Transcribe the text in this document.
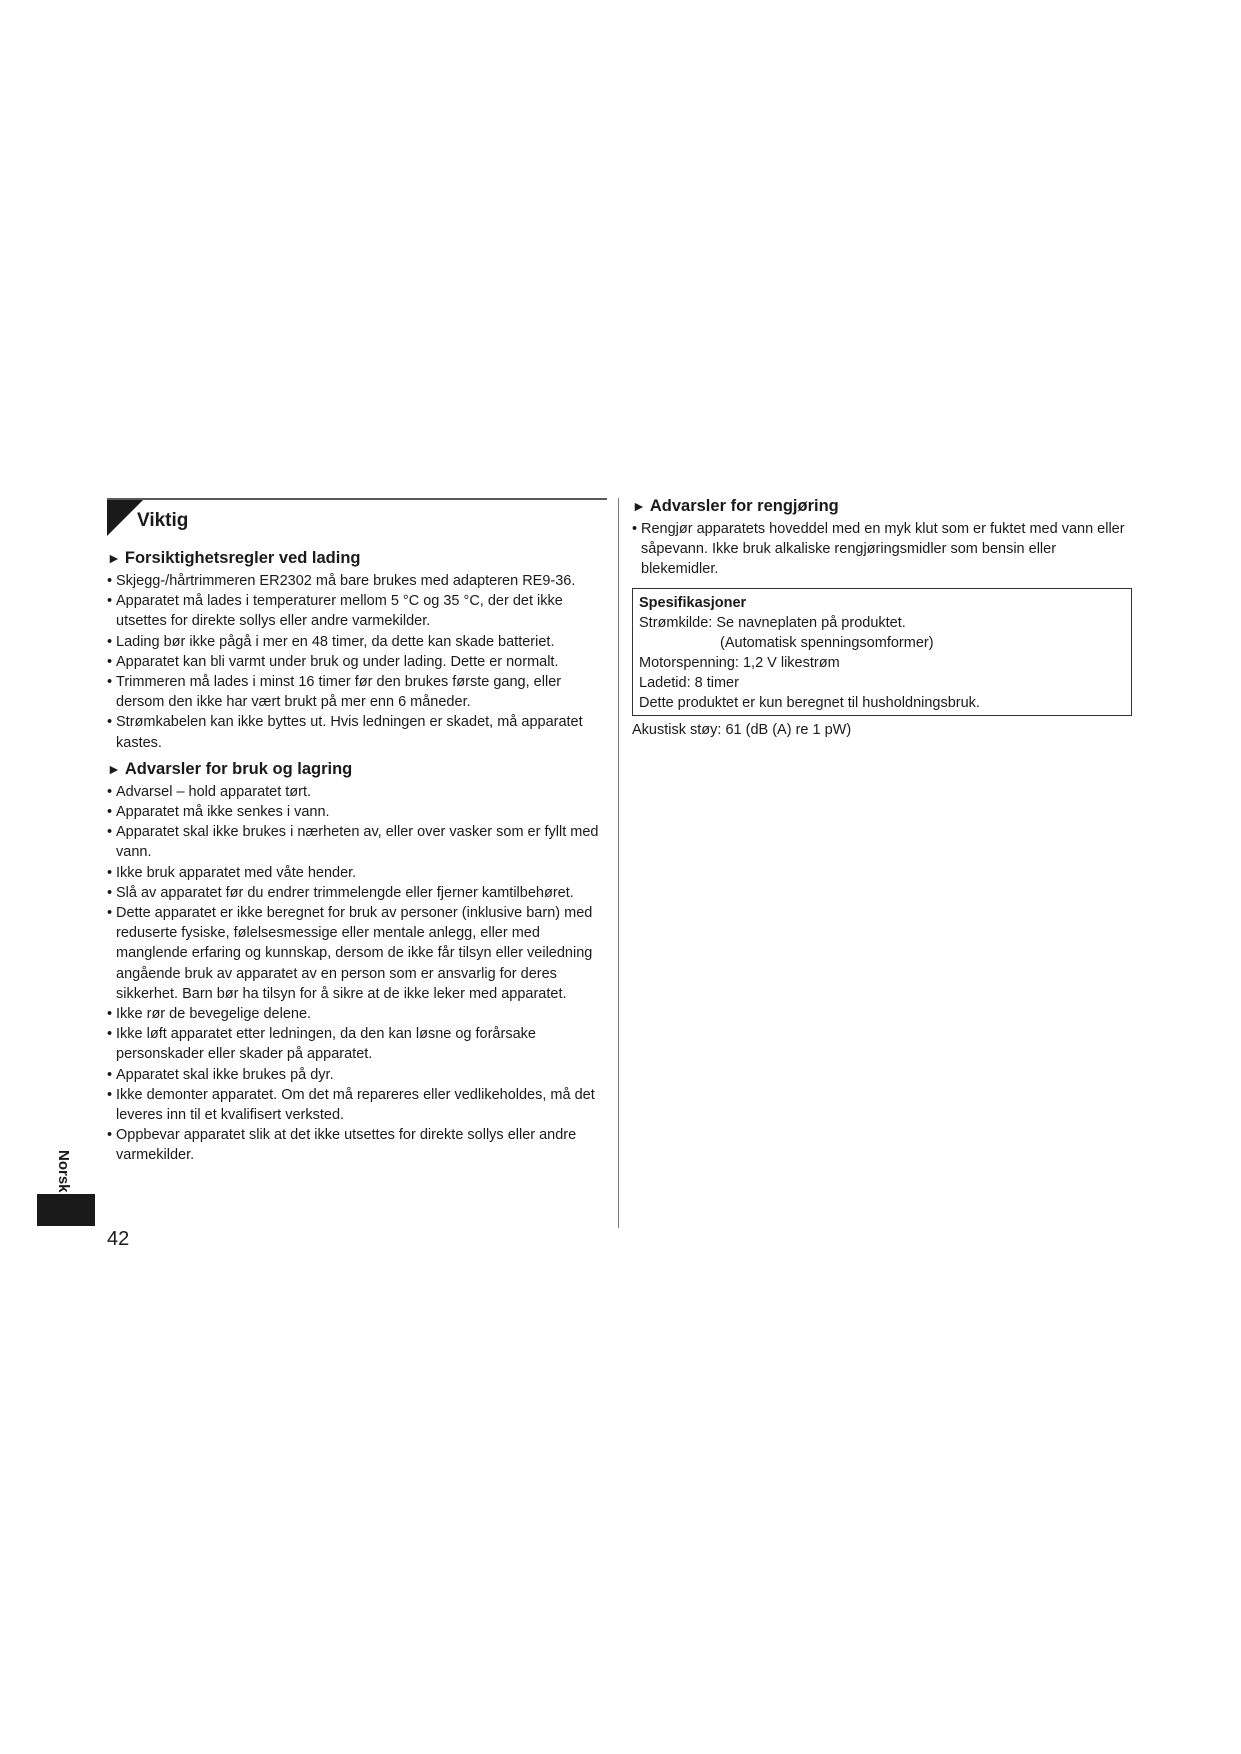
Viktig
► Forsiktighetsregler ved lading
• Skjegg-/hårtrimmeren ER2302 må bare brukes med adapteren RE9-36.
• Apparatet må lades i temperaturer mellom 5 °C og 35 °C, der det ikke utsettes for direkte sollys eller andre varmekilder.
• Lading bør ikke pågå i mer en 48 timer, da dette kan skade batteriet.
• Apparatet kan bli varmt under bruk og under lading. Dette er normalt.
• Trimmeren må lades i minst 16 timer før den brukes første gang, eller dersom den ikke har vært brukt på mer enn 6 måneder.
• Strømkabelen kan ikke byttes ut. Hvis ledningen er skadet, må apparatet kastes.
► Advarsler for bruk og lagring
• Advarsel – hold apparatet tørt.
• Apparatet må ikke senkes i vann.
• Apparatet skal ikke brukes i nærheten av, eller over vasker som er fyllt med vann.
• Ikke bruk apparatet med våte hender.
• Slå av apparatet før du endrer trimmelengde eller fjerner kamtilbehøret.
• Dette apparatet er ikke beregnet for bruk av personer (inklusive barn) med reduserte fysiske, følelsesmessige eller mentale anlegg, eller med manglende erfaring og kunnskap, dersom de ikke får tilsyn eller veiledning angående bruk av apparatet av en person som er ansvarlig for deres sikkerhet. Barn bør ha tilsyn for å sikre at de ikke leker med apparatet.
• Ikke rør de bevegelige delene.
• Ikke løft apparatet etter ledningen, da den kan løsne og forårsake personskader eller skader på apparatet.
• Apparatet skal ikke brukes på dyr.
• Ikke demonter apparatet. Om det må repareres eller vedlikeholdes, må det leveres inn til et kvalifisert verksted.
• Oppbevar apparatet slik at det ikke utsettes for direkte sollys eller andre varmekilder.
► Advarsler for rengjøring
• Rengjør apparatets hoveddel med en myk klut som er fuktet med vann eller såpevann. Ikke bruk alkaliske rengjøringsmidler som bensin eller blekemidler.
Spesifikasjoner
Strømkilde: Se navneplaten på produktet.
(Automatisk spenningsomformer)
Motorspenning: 1,2 V likestrøm
Ladetid: 8 timer
Dette produktet er kun beregnet til husholdningsbruk.
Akustisk støy: 61 (dB (A) re 1 pW)
Norsk
42
